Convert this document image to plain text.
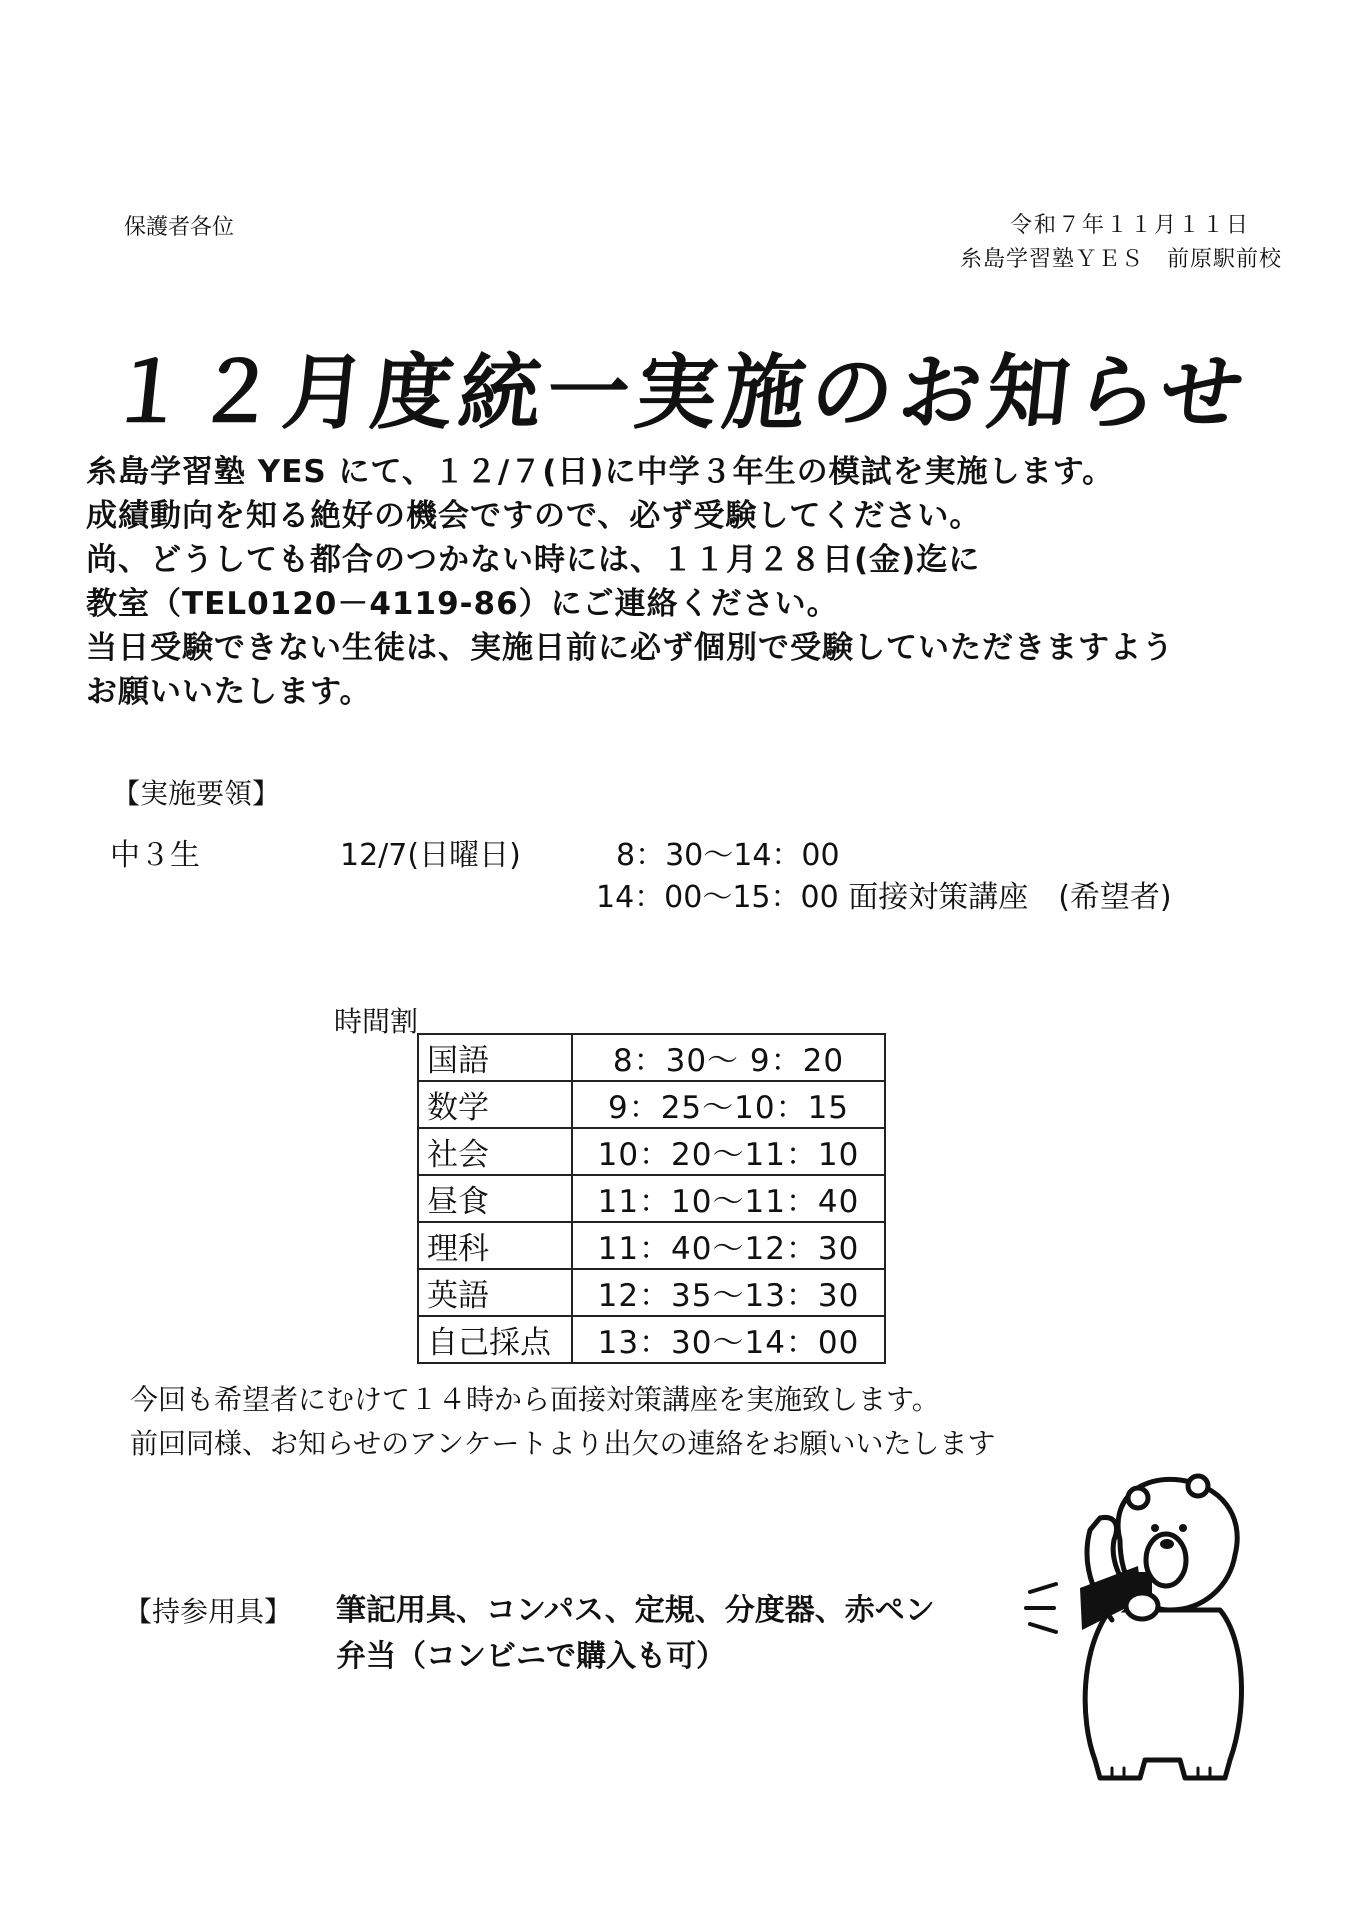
保護者各位	令和７年１１月１１日
糸島学習塾ＹＥＳ　前原駅前校
１２月度統一実施のお知らせ

糸島学習塾 YES にて、１２/７(日)に中学３年生の模試を実施します。

成績動向を知る絶好の機会ですので、必ず受験してください。

尚、どうしても都合のつかない時には、１１月２８日(金)迄に

教室（TEL0120－4119-86）にご連絡ください。

当日受験できない生徒は、実施日前に必ず個別で受験していただきますよう

お願いいたします。

【実施要領】
中３生	12/7(日曜日)	8：30～14：00
14：00～15：00 面接対策講座　(希望者)
時間割
国語	8：30～ 9：20
数学	9：25～10：15
社会	10：20～11：10
昼食	11：10～11：40
理科	11：40～12：30
英語	12：35～13：30
自己採点	13：30～14：00
今回も希望者にむけて１４時から面接対策講座を実施致します。
前回同様、お知らせのアンケートより出欠の連絡をお願いいたします
【持参用具】 筆記用具、コンパス、定規、分度器、赤ペン
弁当（コンビニで購入も可）
